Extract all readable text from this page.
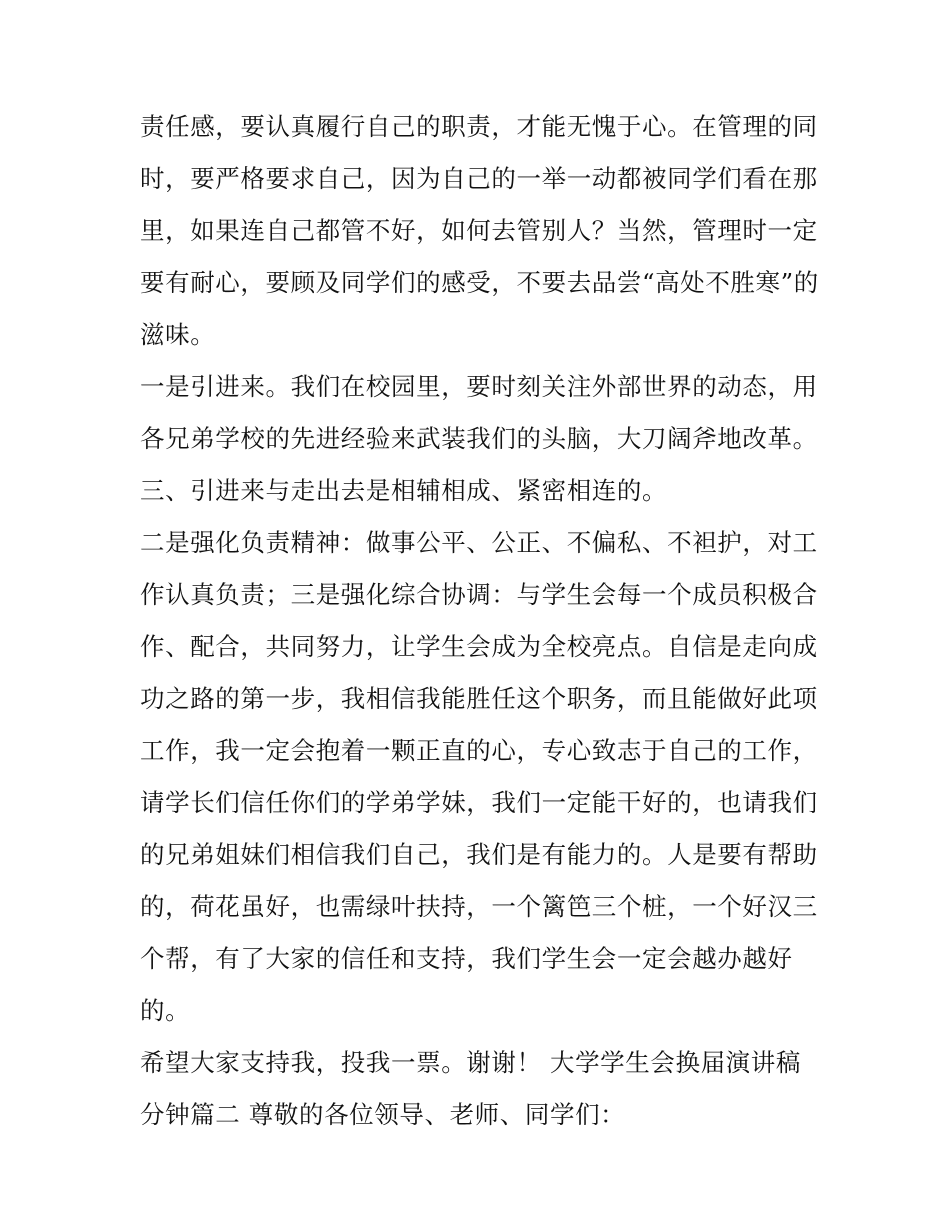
责任感，要认真履行自己的职责，才能无愧于心。在管理的同
时，要严格要求自己，因为自己的一举一动都被同学们看在那
里，如果连自己都管不好，如何去管别人？当然，管理时一定
要有耐心，要顾及同学们的感受，不要去品尝“高处不胜寒”的
滋味。
一是引进来。我们在校园里，要时刻关注外部世界的动态，用
各兄弟学校的先进经验来武装我们的头脑，大刀阔斧地改革。
三、引进来与走出去是相辅相成、紧密相连的。
二是强化负责精神：做事公平、公正、不偏私、不袒护，对工
作认真负责；三是强化综合协调：与学生会每一个成员积极合
作、配合，共同努力，让学生会成为全校亮点。自信是走向成
功之路的第一步，我相信我能胜任这个职务，而且能做好此项
工作，我一定会抱着一颗正直的心，专心致志于自己的工作，
请学长们信任你们的学弟学妹，我们一定能干好的，也请我们
的兄弟姐妹们相信我们自己，我们是有能力的。人是要有帮助
的，荷花虽好，也需绿叶扶持，一个篱笆三个桩，一个好汉三
个帮，有了大家的信任和支持，我们学生会一定会越办越好
的。
希望大家支持我，投我一票。谢谢！ 大学学生会换届演讲稿
分钟篇二 尊敬的各位领导、老师、同学们：
